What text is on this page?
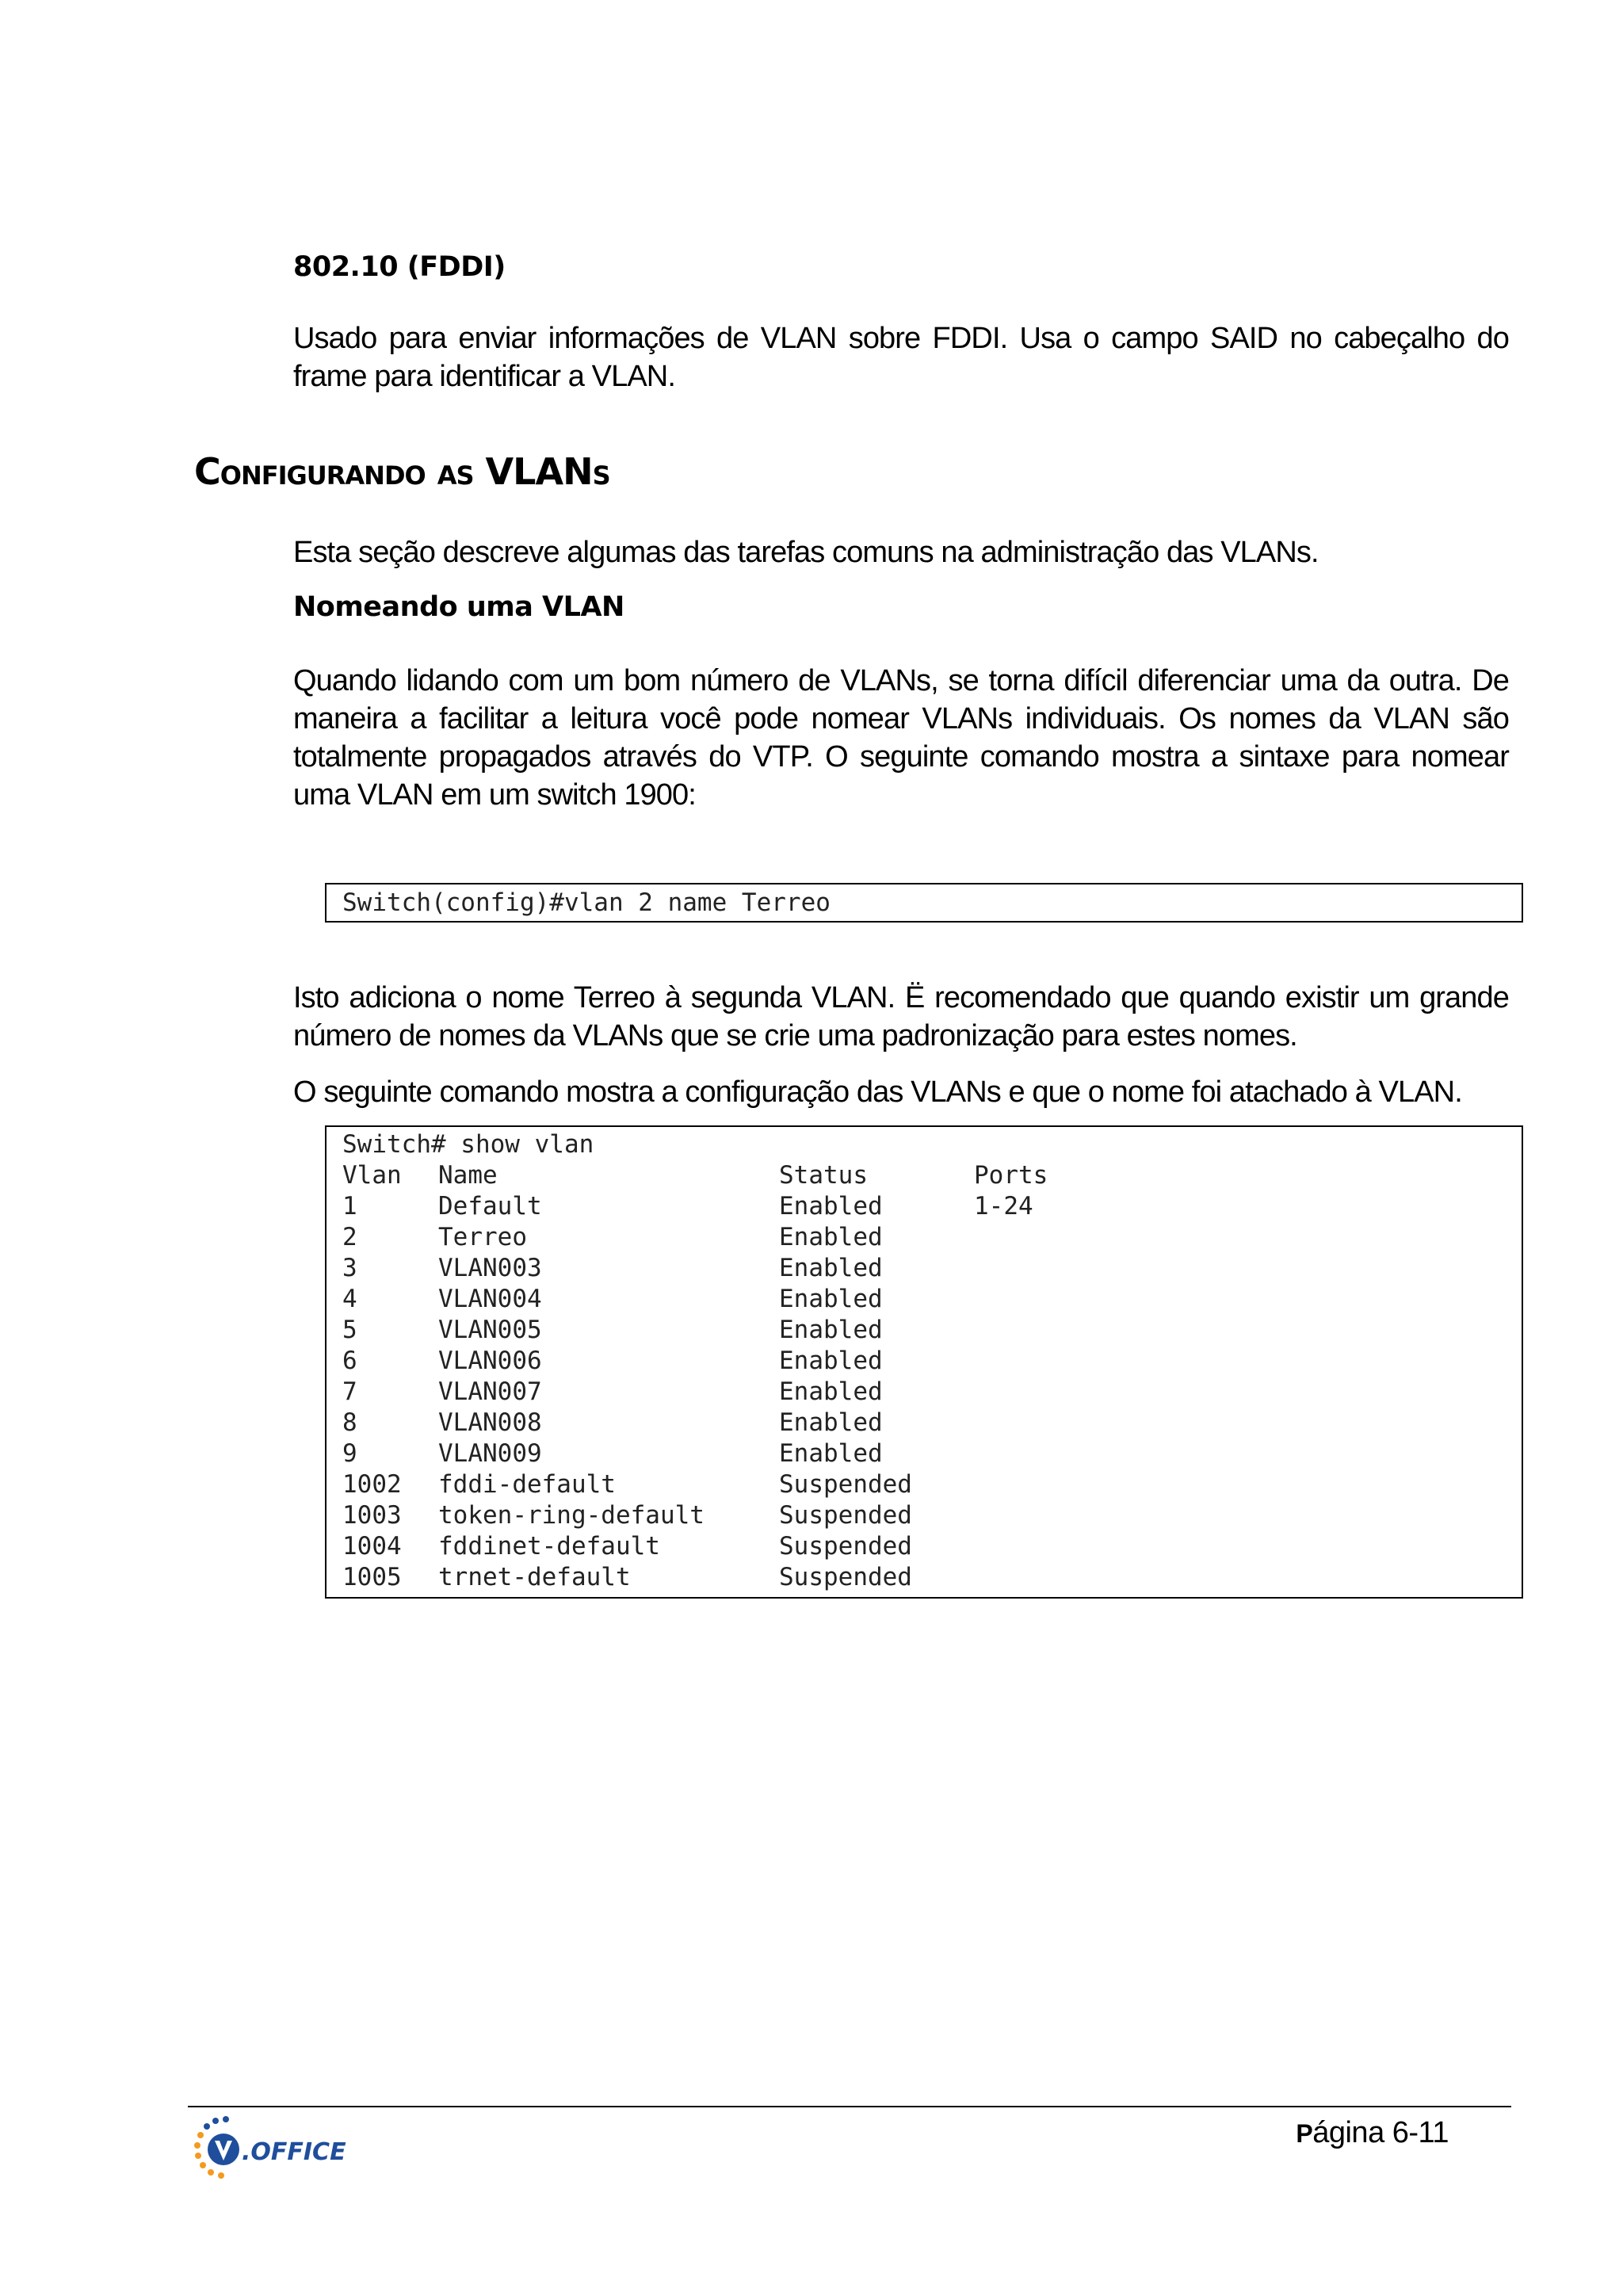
802.10 (FDDI)

Usado para enviar informações de VLAN sobre FDDI. Usa o campo SAID no cabeçalho do frame para identificar a VLAN.

Configurando as VLANs

Esta seção descreve algumas das tarefas comuns na administração das VLANs.

Nomeando uma VLAN

Quando lidando com um bom número de VLANs, se torna difícil diferenciar uma da outra. De maneira a facilitar a leitura você pode nomear VLANs individuais. Os nomes da VLAN são totalmente propagados através do VTP. O seguinte comando mostra a sintaxe para nomear uma VLAN em um switch 1900:

Switch(config)#vlan 2 name Terreo

Isto adiciona o nome Terreo à segunda VLAN. Ë recomendado que quando existir um grande número de nomes da VLANs que se crie uma padronização para estes nomes.

O seguinte comando mostra a configuração das VLANs e que o nome foi atachado à VLAN.

Switch# show vlan
Vlan	Name	Status	Ports
1	Default	Enabled	1-24
2	Terreo	Enabled
3	VLAN003	Enabled
4	VLAN004	Enabled
5	VLAN005	Enabled
6	VLAN006	Enabled
7	VLAN007	Enabled
8	VLAN008	Enabled
9	VLAN009	Enabled
1002	fddi-default	Suspended
1003	token-ring-default	Suspended
1004	fddinet-default	Suspended
1005	trnet-default	Suspended
.OFFICE
Página 6-11
